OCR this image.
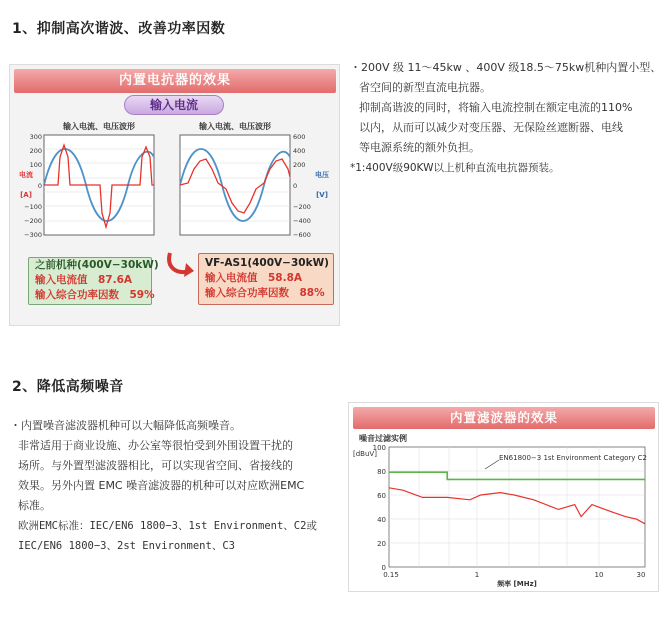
1、抑制高次谐波、改善功率因数
内置电抗器的效果
输入电流
输入电流、电压波形
300
200
100
0
−100
−200
−300
电流
[A]
输入电流、电压波形
600
400
200
0
−200
−400
−600
电压
[V]
之前机种(400V−30kW)
输入电流值　87.6A
输入综合功率因数　59%
VF-AS1(400V−30kW)
输入电流值　58.8A
输入综合功率因数　88%
・200V 级 11～45kw 、400V 级18.5～75kw机种内置小型、
省空间的新型直流电抗器。
抑制高谐波的同时，将输入电流控制在额定电流的110%
以内，从而可以减少对变压器、无保险丝遮断器、电线
等电源系统的额外负担。
*1:400V级90KW以上机种直流电抗器预装。
2、降低高频噪音
・内置噪音滤波器机种可以大幅降低高频噪音。
非常适用于商业设施、办公室等很怕受到外围设置干扰的
场所。与外置型滤波器相比，可以实现省空间、省接线的
效果。另外内置 EMC 噪音滤波器的机种可以对应欧洲EMC
标准。
欧洲EMC标准：IEC/EN6 1800−3、1st Environment、C2或
IEC/EN6 1800−3、2st Environment、C3
内置滤波器的效果
噪音过滤实例
[dBuV]
100
80
60
40
20
0
0.15	1	10	30
频率 [MHz]
EN61800−3 1st Environment Category C2
